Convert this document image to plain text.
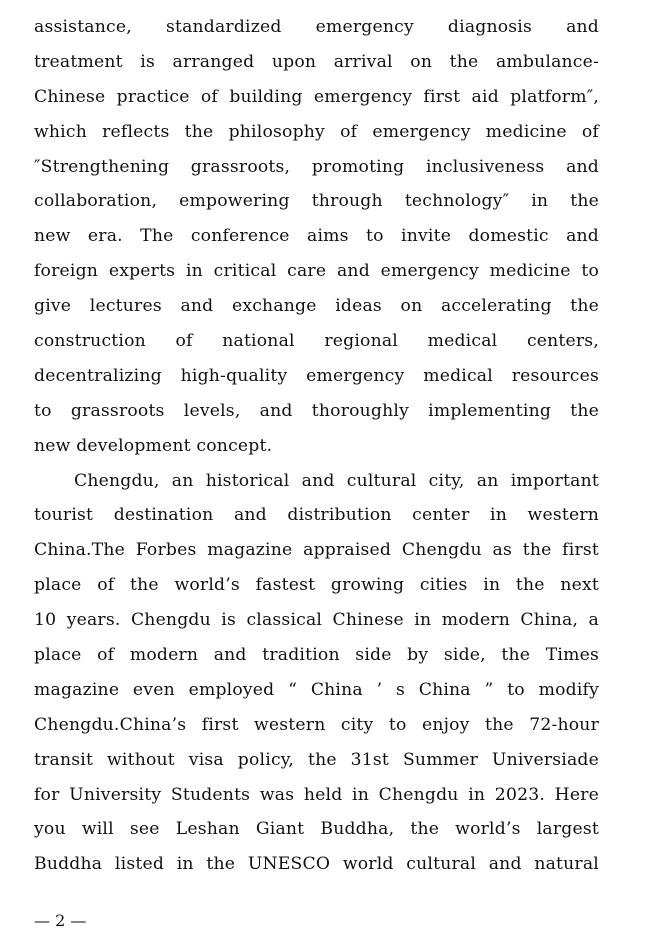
assistance, standardized emergency diagnosis and
treatment is arranged upon arrival on the ambulance-
Chinese practice of building emergency first aid platform″,
which reflects the philosophy of emergency medicine of
″Strengthening grassroots, promoting inclusiveness and
collaboration, empowering through technology″ in the
new era. The conference aims to invite domestic and
foreign experts in critical care and emergency medicine to
give lectures and exchange ideas on accelerating the
construction of national regional medical centers,
decentralizing high-quality emergency medical resources
to grassroots levels, and thoroughly implementing the
new development concept.
Chengdu, an historical and cultural city, an important
tourist destination and distribution center in western
China.The Forbes magazine appraised Chengdu as the first
place of the world’s fastest growing cities in the next
10 years. Chengdu is classical Chinese in modern China, a
place of modern and tradition side by side, the Times
magazine even employed “ China ’ s China ” to modify
Chengdu.China’s first western city to enjoy the 72-hour
transit without visa policy, the 31st Summer Universiade
for University Students was held in Chengdu in 2023. Here
you will see Leshan Giant Buddha, the world’s largest
Buddha listed in the UNESCO world cultural and natural
— 2 —
